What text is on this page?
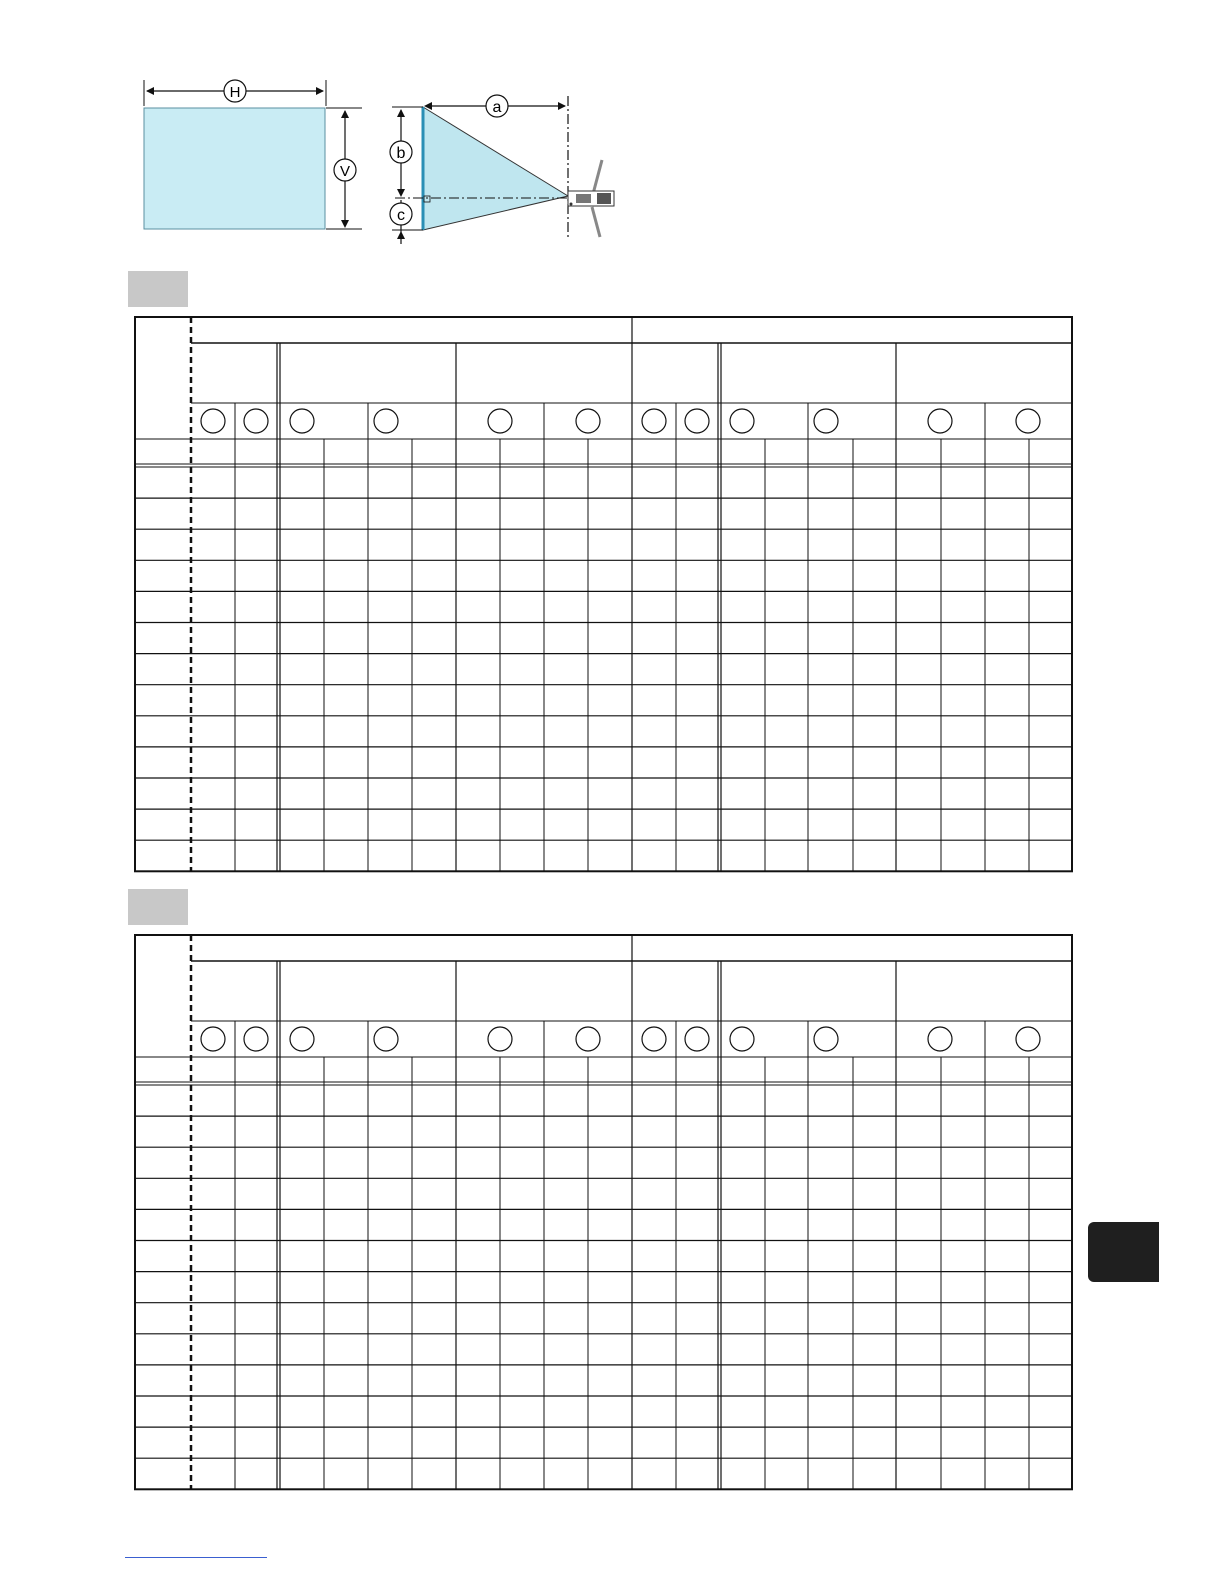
H
V
a
b
c
